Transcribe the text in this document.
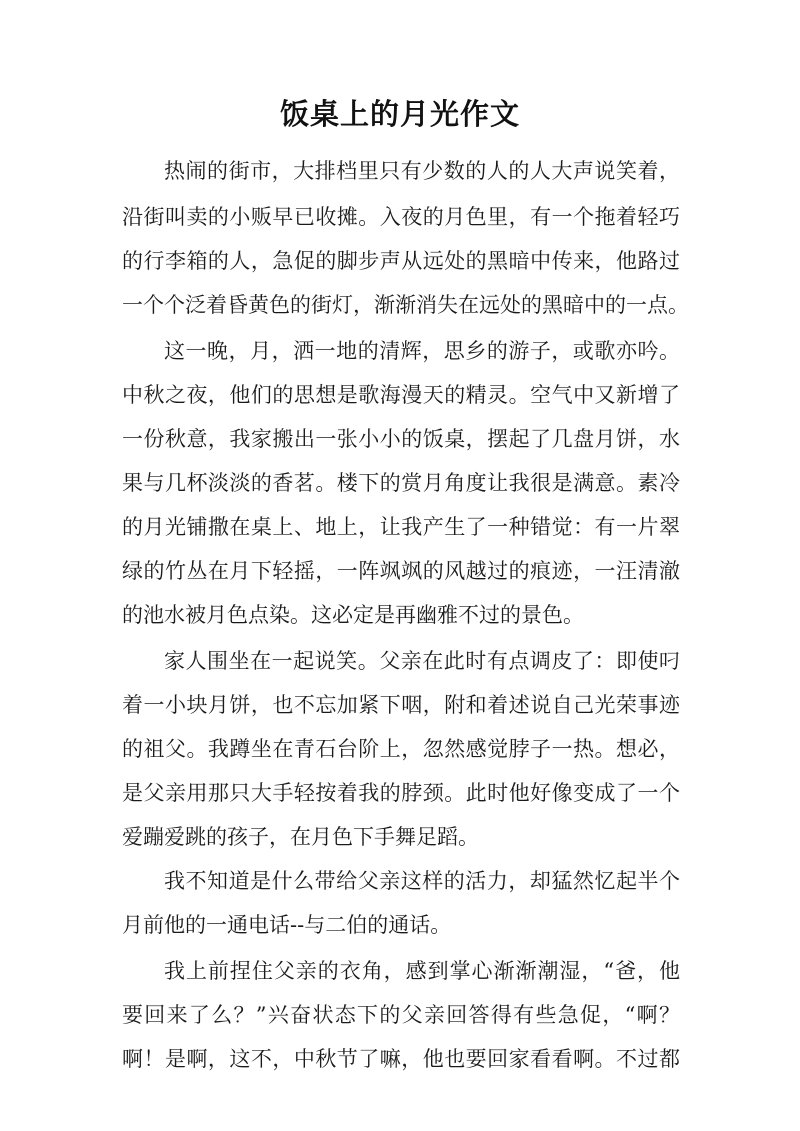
饭桌上的月光作文
热闹的街市，大排档里只有少数的人的人大声说笑着，
沿街叫卖的小贩早已收摊。入夜的月色里，有一个拖着轻巧
的行李箱的人，急促的脚步声从远处的黑暗中传来，他路过
一个个泛着昏黄色的街灯，渐渐消失在远处的黑暗中的一点。
这一晚，月，洒一地的清辉，思乡的游子，或歌亦吟。
中秋之夜，他们的思想是歌海漫天的精灵。空气中又新增了
一份秋意，我家搬出一张小小的饭桌，摆起了几盘月饼，水
果与几杯淡淡的香茗。楼下的赏月角度让我很是满意。素冷
的月光铺撒在桌上、地上，让我产生了一种错觉：有一片翠
绿的竹丛在月下轻摇，一阵飒飒的风越过的痕迹，一汪清澈
的池水被月色点染。这必定是再幽雅不过的景色。
家人围坐在一起说笑。父亲在此时有点调皮了：即使叼
着一小块月饼，也不忘加紧下咽，附和着述说自己光荣事迹
的祖父。我蹲坐在青石台阶上，忽然感觉脖子一热。想必，
是父亲用那只大手轻按着我的脖颈。此时他好像变成了一个
爱蹦爱跳的孩子，在月色下手舞足蹈。
我不知道是什么带给父亲这样的活力，却猛然忆起半个
月前他的一通电话--与二伯的通话。
我上前捏住父亲的衣角，感到掌心渐渐潮湿，“爸，他
要回来了么？”兴奋状态下的父亲回答得有些急促，“啊？
啊！是啊，这不，中秋节了嘛，他也要回家看看啊。不过都
